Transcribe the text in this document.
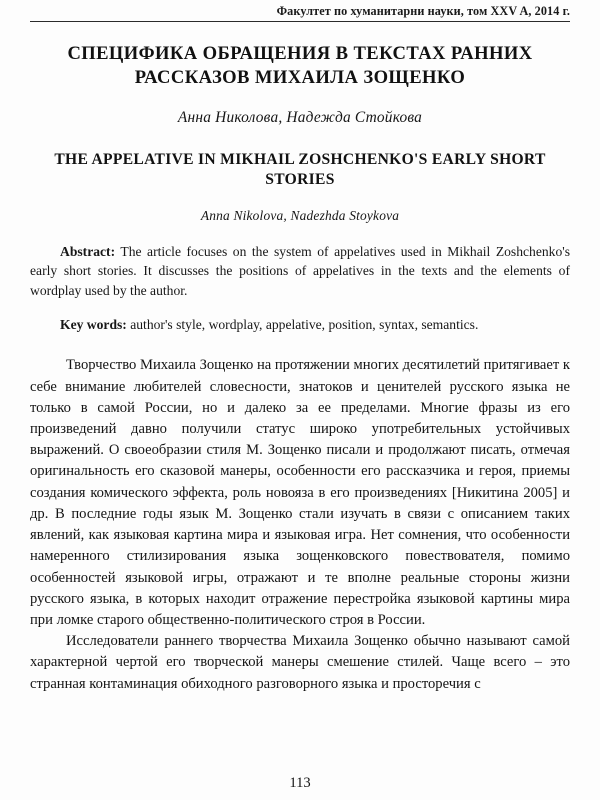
Факултет по хуманитарни науки, том XXV A, 2014 г.
СПЕЦИФИКА ОБРАЩЕНИЯ В ТЕКСТАХ РАННИХ РАССКАЗОВ МИХАИЛА ЗОЩЕНКО
Анна Николова, Надежда Стойкова
THE APPELATIVE IN MIKHAIL ZOSHCHENKO'S EARLY SHORT STORIES
Anna Nikolova, Nadezhda Stoykova
Abstract: The article focuses on the system of appelatives used in Mikhail Zoshchenko's early short stories. It discusses the positions of appelatives in the texts and the elements of wordplay used by the author.
Key words: author's style, wordplay, appelative, position, syntax, semantics.

Творчество Михаила Зощенко на протяжении многих десятилетий притягивает к себе внимание любителей словесности, знатоков и ценителей русского языка не только в самой России, но и далеко за ее пределами. Многие фразы из его произведений давно получили статус широко употребительных устойчивых выражений. О своеобразии стиля М. Зощенко писали и продолжают писать, отмечая оригинальность его сказовой манеры, особенности его рассказчика и героя, приемы создания комического эффекта, роль новояза в его произведениях [Никитина 2005] и др. В последние годы язык М. Зощенко стали изучать в связи с описанием таких явлений, как языковая картина мира и языковая игра. Нет сомнения, что особенности намеренного стилизирования языка зощенковского повествователя, помимо особенностей языковой игры, отражают и те вполне реальные стороны жизни русского языка, в которых находит отражение перестройка языковой картины мира при ломке старого общественно-политического строя в России.

Исследователи раннего творчества Михаила Зощенко обычно называют самой характерной чертой его творческой манеры смешение стилей. Чаще всего – это странная контаминация обиходного разговорного языка и просторечия с

113
